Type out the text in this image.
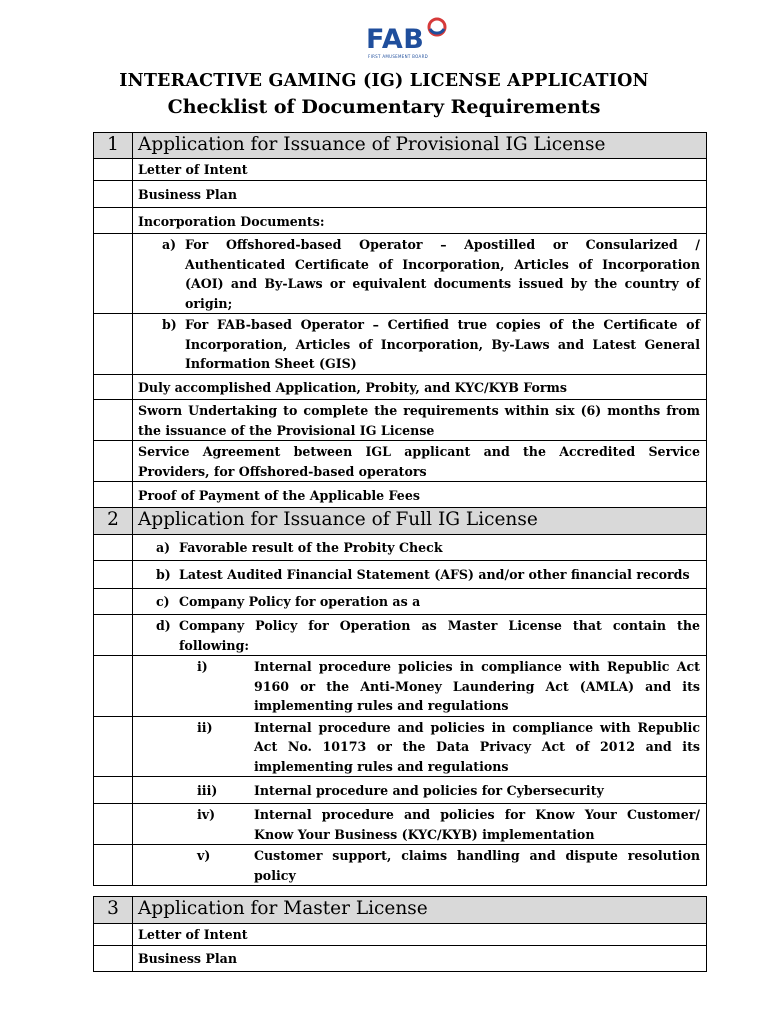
FAB
FIRST AMUSEMENT BOARD
INTERACTIVE GAMING (IG) LICENSE APPLICATION
Checklist of Documentary Requirements
1	Application for Issuance of Provisional IG License
	Letter of Intent
	Business Plan
	Incorporation Documents:

	a) For Offshored-based Operator – Apostilled or Consularized / Authenticated Certificate of Incorporation, Articles of Incorporation (AOI) and By-Laws or equivalent documents issued by the country of origin;

	b) For FAB-based Operator – Certified true copies of the Certificate of Incorporation, Articles of Incorporation, By-Laws and Latest General Information Sheet (GIS)

	Duly accomplished Application, Probity, and KYC/KYB Forms
	Sworn Undertaking to complete the requirements within six (6) months from the issuance of the Provisional IG License
	Service Agreement between IGL applicant and the Accredited Service Providers, for Offshored-based operators
	Proof of Payment of the Applicable Fees
2	Application for Issuance of Full IG License

	a) Favorable result of the Probity Check

	b) Latest Audited Financial Statement (AFS) and/or other financial records

	c) Company Policy for operation as a

	d) Company Policy for Operation as Master License that contain the following:

	i) Internal procedure policies in compliance with Republic Act 9160 or the Anti-Money Laundering Act (AMLA) and its implementing rules and regulations

	ii) Internal procedure and policies in compliance with Republic Act No. 10173 or the Data Privacy Act of 2012 and its implementing rules and regulations

	iii) Internal procedure and policies for Cybersecurity

	iv) Internal procedure and policies for Know Your Customer/ Know Your Business (KYC/KYB) implementation

	v) Customer support, claims handling and dispute resolution policy
3	Application for Master License
	Letter of Intent
	Business Plan
